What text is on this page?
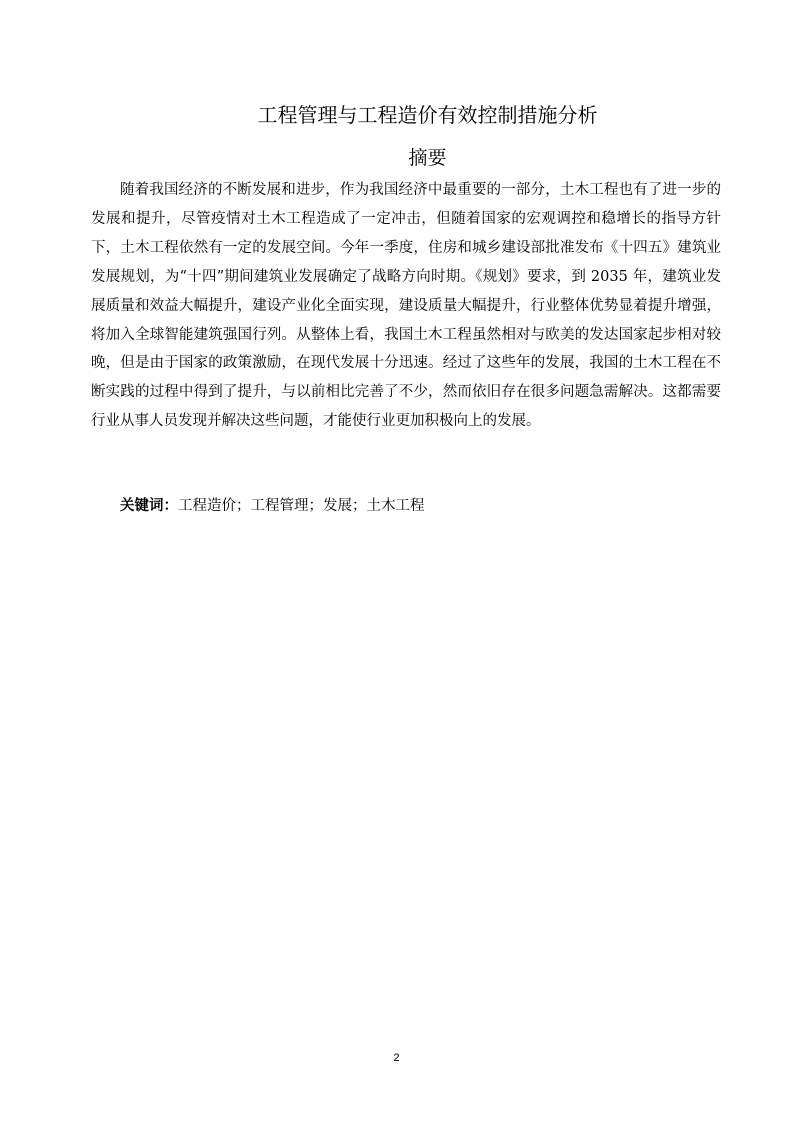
工程管理与工程造价有效控制措施分析
摘要

随着我国经济的不断发展和进步，作为我国经济中最重要的一部分，土木工程也有了进一步的发展和提升，尽管疫情对土木工程造成了一定冲击，但随着国家的宏观调控和稳增长的指导方针下，土木工程依然有一定的发展空间。今年一季度，住房和城乡建设部批准发布《十四五》建筑业发展规划，为“十四”期间建筑业发展确定了战略方向时期。《规划》要求，到 2035 年，建筑业发展质量和效益大幅提升，建设产业化全面实现，建设质量大幅提升，行业整体优势显着提升增强，将加入全球智能建筑强国行列。从整体上看，我国土木工程虽然相对与欧美的发达国家起步相对较晚，但是由于国家的政策激励，在现代发展十分迅速。经过了这些年的发展，我国的土木工程在不断实践的过程中得到了提升，与以前相比完善了不少，然而依旧存在很多问题急需解决。这都需要行业从事人员发现并解决这些问题，才能使行业更加积极向上的发展。

关键词：工程造价；工程管理；发展；土木工程

2
